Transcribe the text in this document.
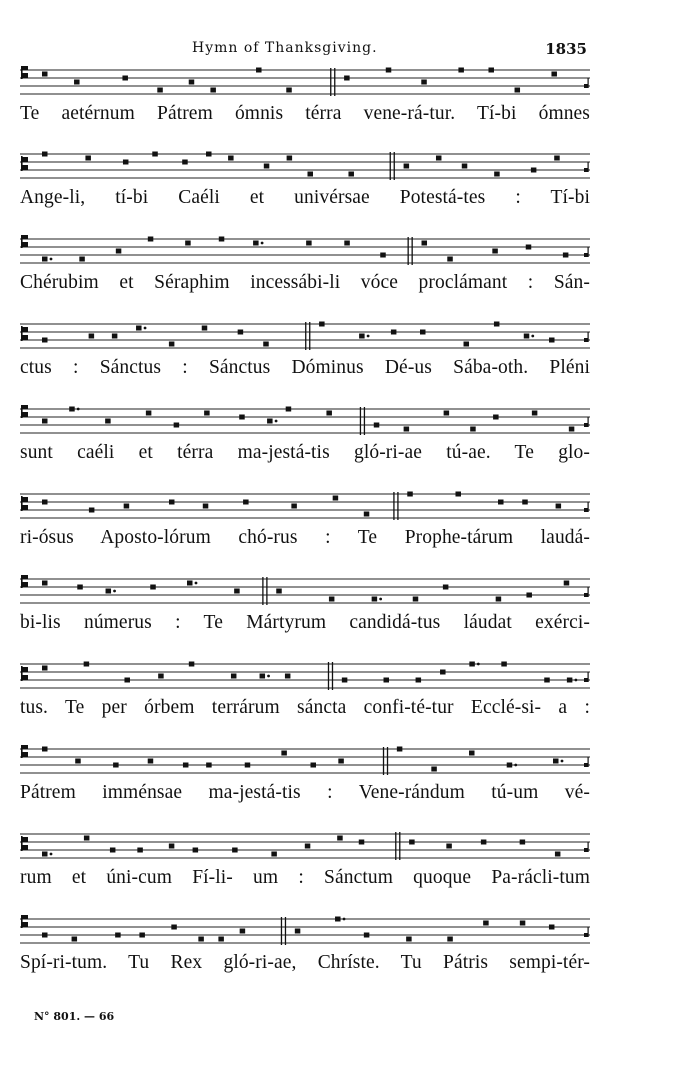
Hymn of Thanksgiving.	1835
Te aetérnum Pátrem ómnis térra vene-rá-tur. Tí-bi ómnes
Ange-li, tí-bi Caéli et univérsae Potestá-tes : Tí-bi
Chérubim et Séraphim incessábi-li vóce proclámant : Sán-
ctus : Sánctus : Sánctus Dóminus Dé-us Sába-oth. Pléni
sunt caéli et térra ma-jestá-tis gló-ri-ae tú-ae. Te glo-
ri-ósus Aposto-lórum chó-rus : Te Prophe-tárum laudá-
bi-lis númerus : Te Mártyrum candidá-tus láudat exérci-
tus. Te per órbem terrárum sáncta confi-té-tur Ecclé-si- a :
Pátrem imménsae ma-jestá-tis : Vene-rándum tú-um vé-
rum et úni-cum Fí-li- um : Sánctum quoque Pa-rácli-tum
Spí-ri-tum. Tu Rex gló-ri-ae, Chríste. Tu Pátris sempi-tér-
N° 801. — 66
